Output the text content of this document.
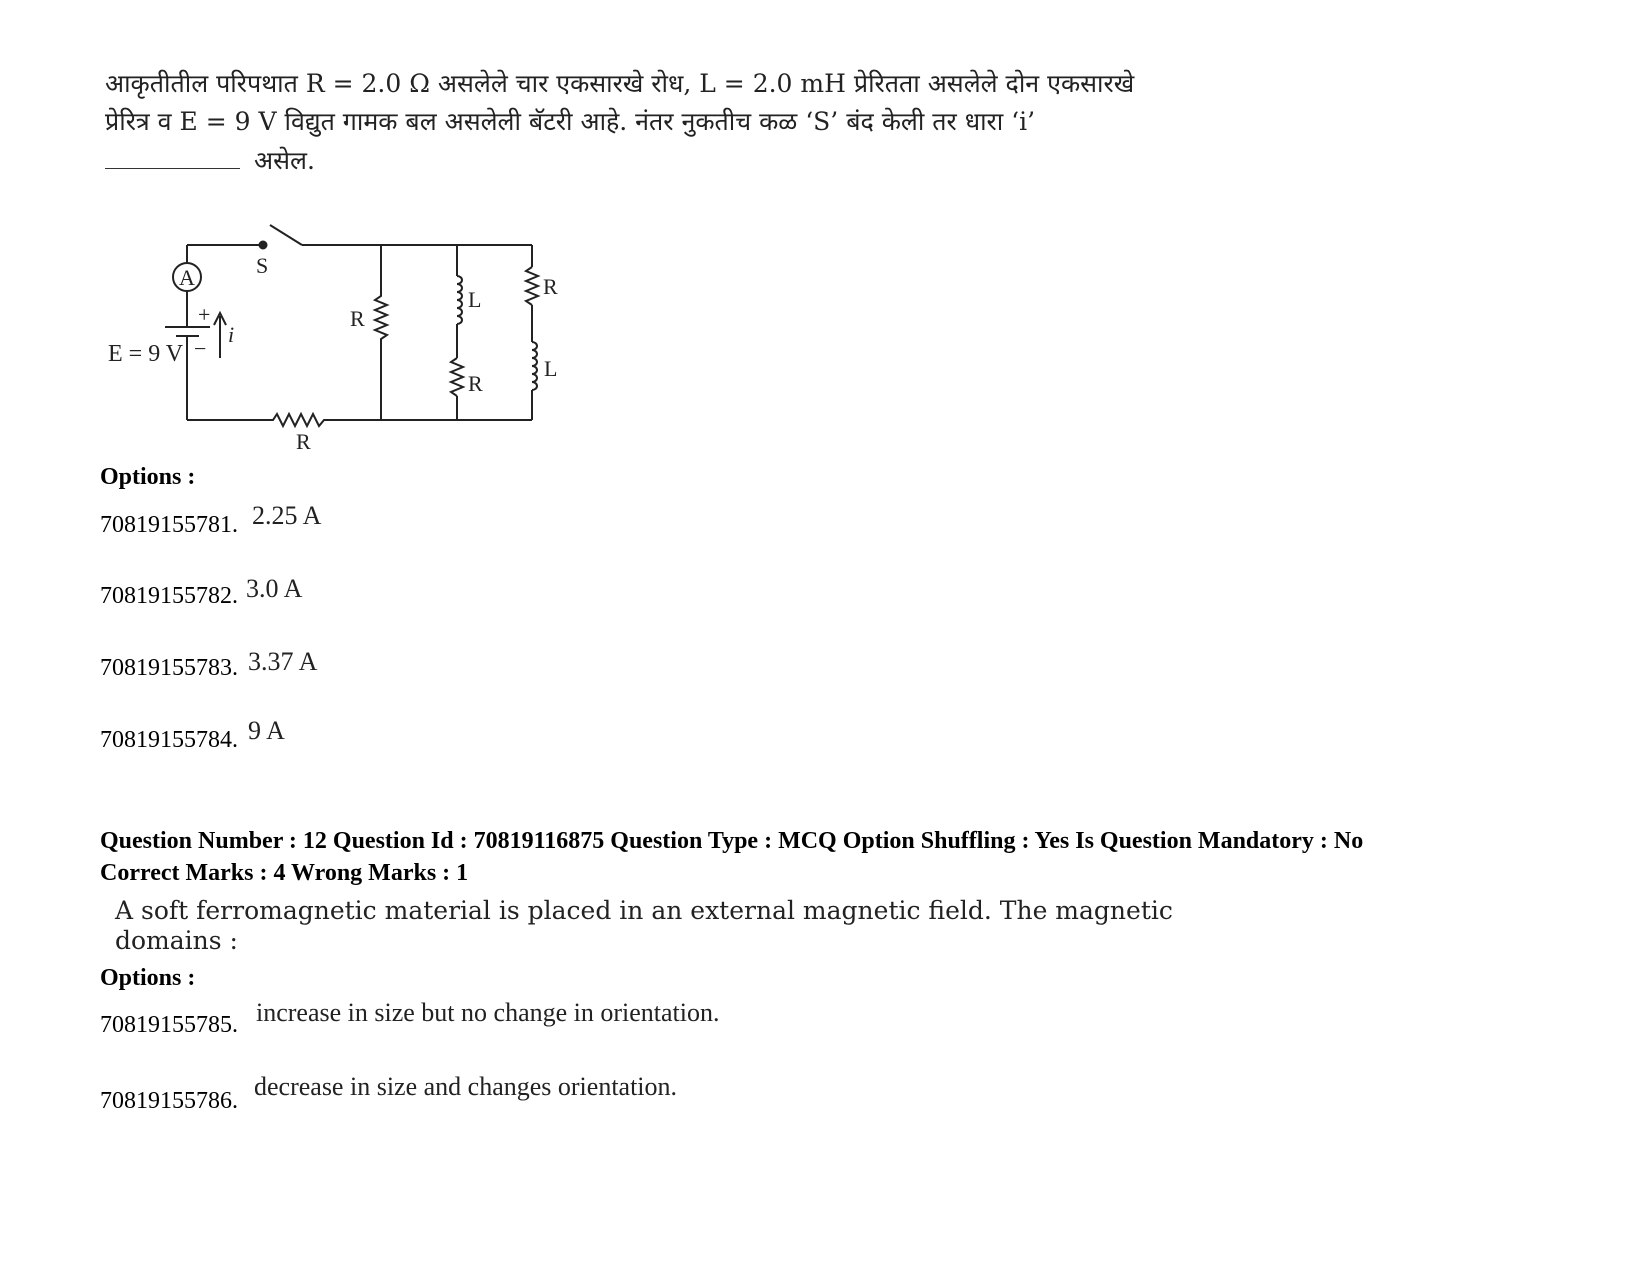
आकृतीतील परिपथात R = 2.0 Ω असलेले चार एकसारखे रोध, L = 2.0 mH प्रेरितता असलेले दोन एकसारखे
प्रेरित्र व E = 9 V विद्युत गामक बल असलेली बॅटरी आहे. नंतर नुकतीच कळ ‘S’ बंद केली तर धारा ‘i’
असेल.
A
+
−
i
E = 9 V
S
R
R
L
R
R
L
Options :
70819155781. 2.25 A
70819155782. 3.0 A
70819155783. 3.37 A
70819155784. 9 A
Question Number : 12 Question Id : 70819116875 Question Type : MCQ Option Shuffling : Yes Is Question Mandatory : No
Correct Marks : 4 Wrong Marks : 1
A soft ferromagnetic material is placed in an external magnetic field. The magnetic
domains :
Options :
70819155785. increase in size but no change in orientation.
70819155786. decrease in size and changes orientation.
